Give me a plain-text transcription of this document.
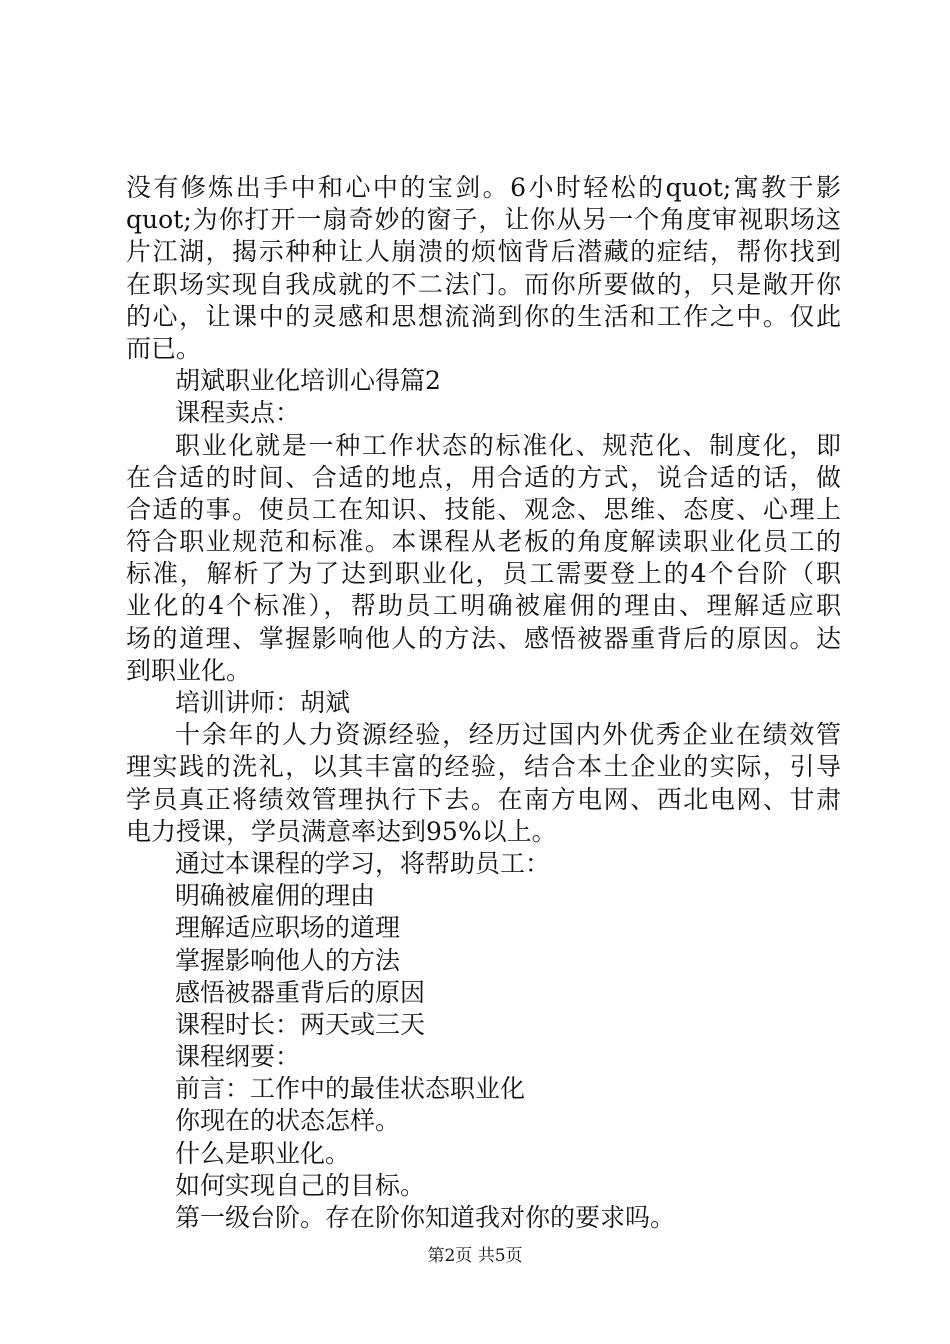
没有修炼出手中和心中的宝剑。6小时轻松的quot;寓教于影
quot;为你打开一扇奇妙的窗子，让你从另一个角度审视职场这
片江湖，揭示种种让人崩溃的烦恼背后潜藏的症结，帮你找到
在职场实现自我成就的不二法门。而你所要做的，只是敞开你
的心，让课中的灵感和思想流淌到你的生活和工作之中。仅此
而已。
胡斌职业化培训心得篇2
课程卖点：
职业化就是一种工作状态的标准化、规范化、制度化，即
在合适的时间、合适的地点，用合适的方式，说合适的话，做
合适的事。使员工在知识、技能、观念、思维、态度、心理上
符合职业规范和标准。本课程从老板的角度解读职业化员工的
标准，解析了为了达到职业化，员工需要登上的4个台阶（职
业化的4个标准），帮助员工明确被雇佣的理由、理解适应职
场的道理、掌握影响他人的方法、感悟被器重背后的原因。达
到职业化。
培训讲师：胡斌
十余年的人力资源经验，经历过国内外优秀企业在绩效管
理实践的洗礼，以其丰富的经验，结合本土企业的实际，引导
学员真正将绩效管理执行下去。在南方电网、西北电网、甘肃
电力授课，学员满意率达到95%以上。
通过本课程的学习，将帮助员工：
明确被雇佣的理由
理解适应职场的道理
掌握影响他人的方法
感悟被器重背后的原因
课程时长：两天或三天
课程纲要：
前言：工作中的最佳状态职业化
你现在的状态怎样。
什么是职业化。
如何实现自己的目标。
第一级台阶。存在阶你知道我对你的要求吗。
第2页 共5页
